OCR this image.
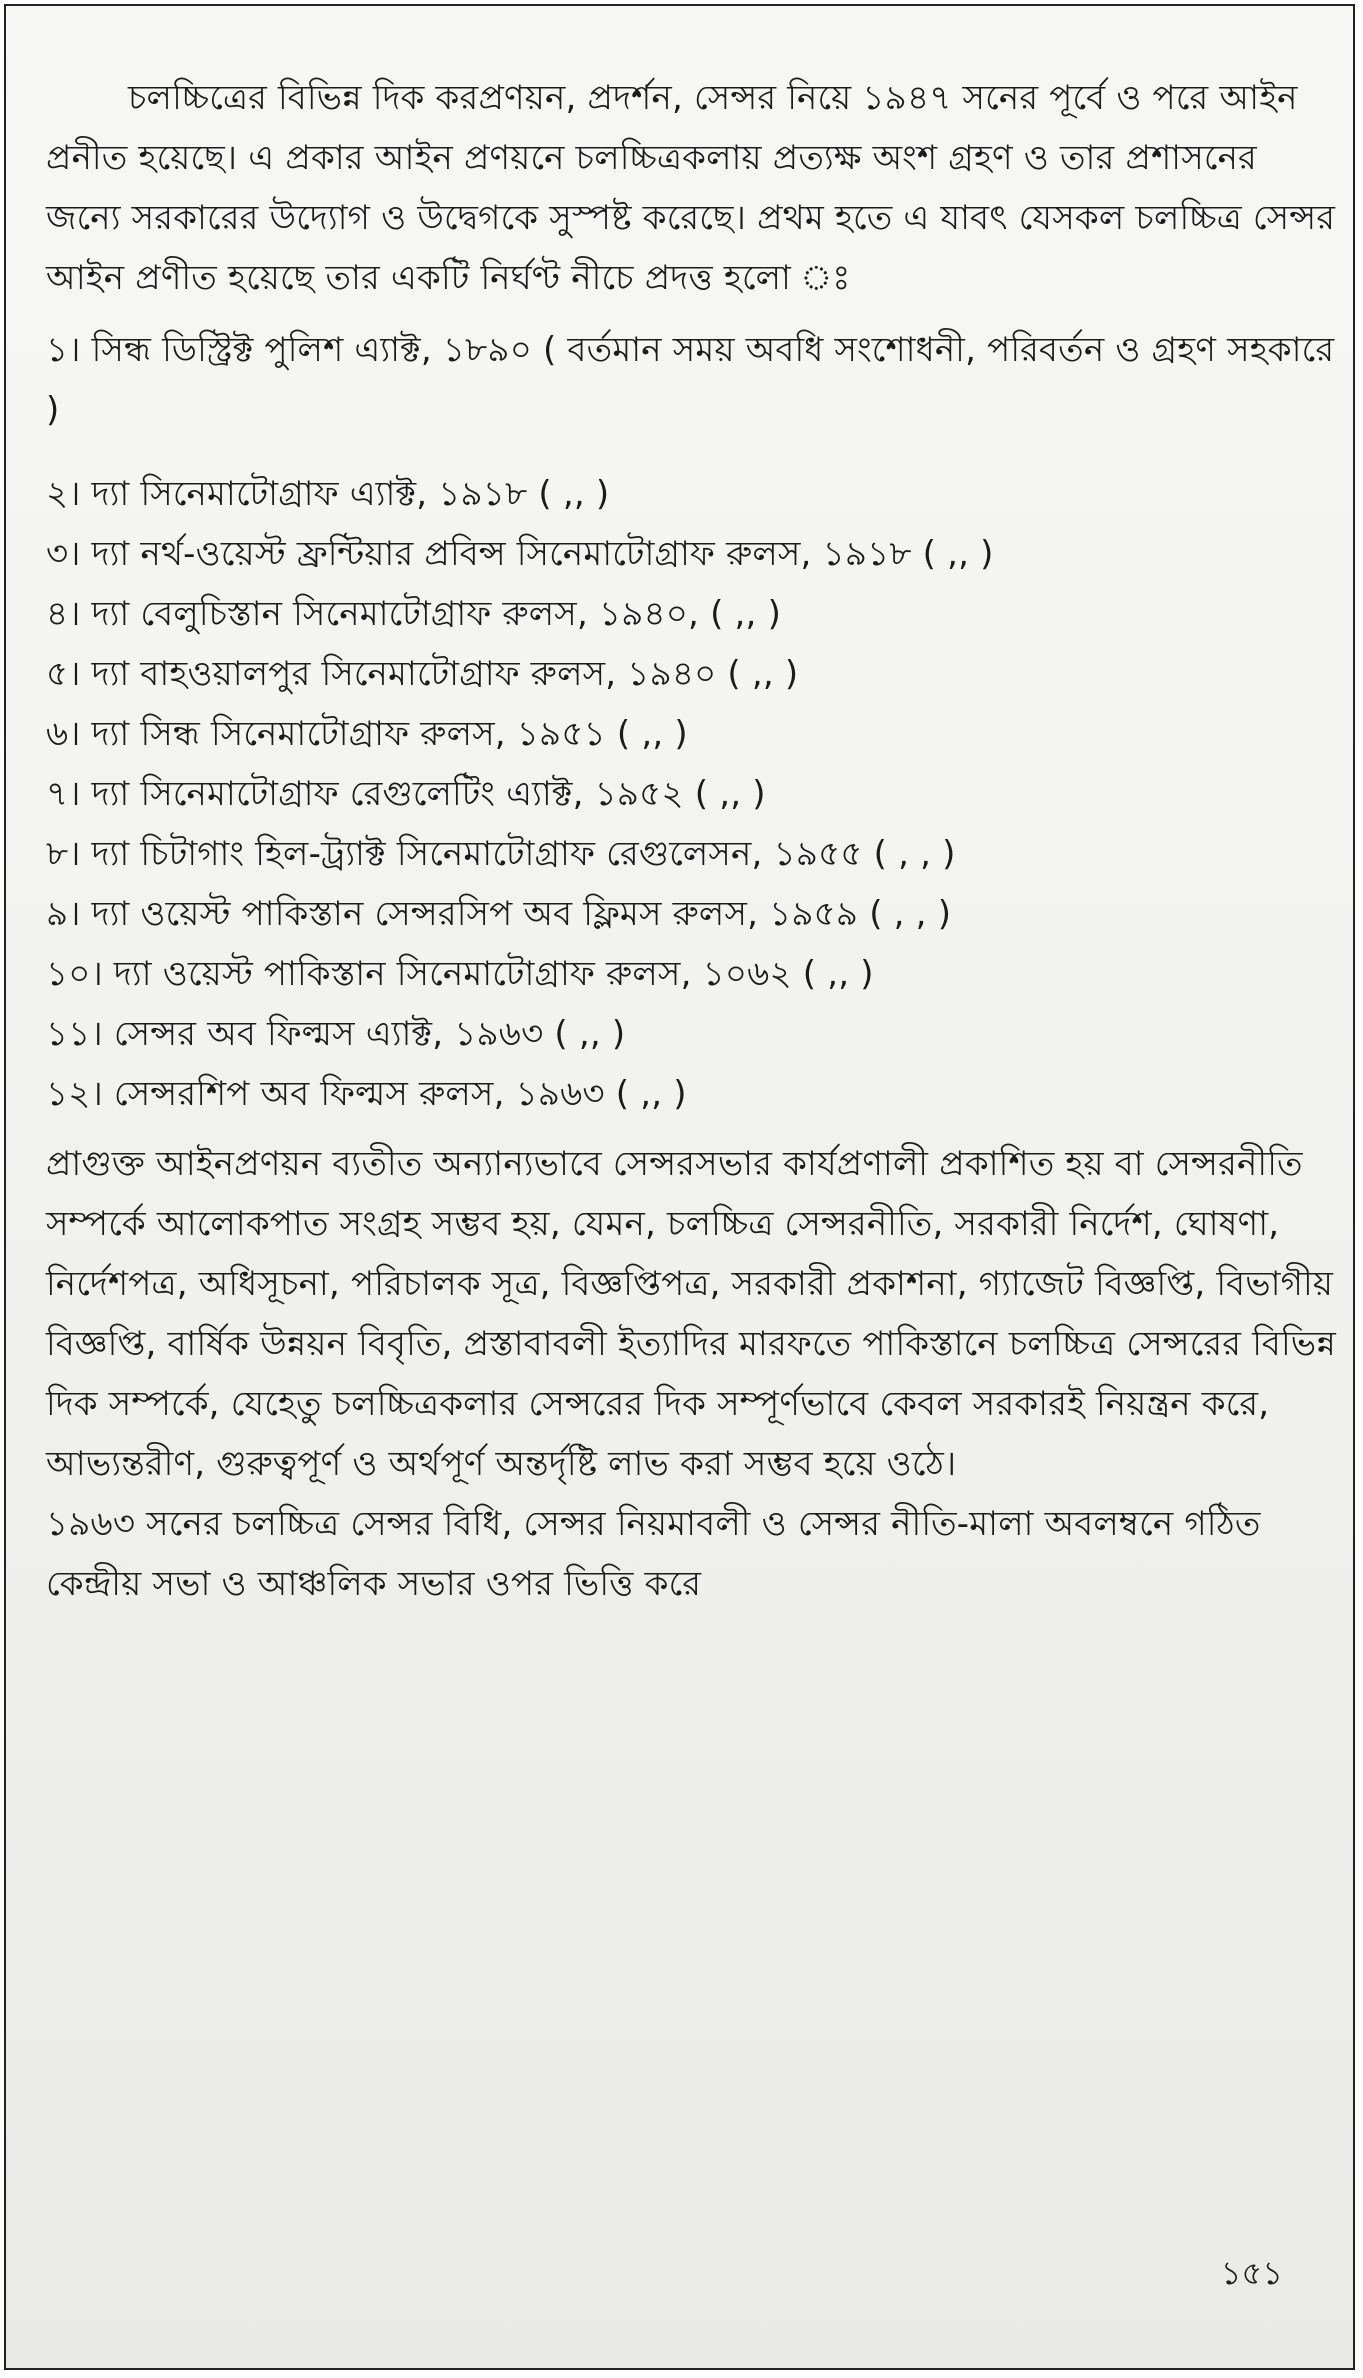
চলচ্চিত্রের বিভিন্ন দিক করপ্রণয়ন, প্রদর্শন, সেন্সর নিয়ে ১৯৪৭ সনের পূর্বে ও পরে আইন প্রনীত হয়েছে। এ প্রকার আইন প্রণয়নে চলচ্চিত্রকলায় প্রত্যক্ষ অংশ গ্রহণ ও তার প্রশাসনের জন্যে সরকারের উদ্যোগ ও উদ্বেগকে সুস্পষ্ট করেছে। প্রথম হতে এ যাবৎ যেসকল চলচ্চিত্র সেন্সর আইন প্রণীত হয়েছে তার একটি নির্ঘণ্ট নীচে প্রদত্ত হলো ঃ

১। সিন্ধ ডিস্ট্রিক্ট পুলিশ এ্যাক্ট, ১৮৯০ ( বর্তমান সময় অবধি সংশোধনী, পরিবর্তন ও গ্রহণ সহকারে )
২। দ্যা সিনেমাটোগ্রাফ এ্যাক্ট, ১৯১৮ ( ,, )
৩। দ্যা নর্থ-ওয়েস্ট ফ্রন্টিয়ার প্রবিন্স সিনেমাটোগ্রাফ রুলস, ১৯১৮ ( ,, )
৪। দ্যা বেলুচিস্তান সিনেমাটোগ্রাফ রুলস, ১৯৪০, ( ,, )
৫। দ্যা বাহওয়ালপুর সিনেমাটোগ্রাফ রুলস, ১৯৪০ ( ,, )
৬। দ্যা সিন্ধ সিনেমাটোগ্রাফ রুলস, ১৯৫১ ( ,, )
৭। দ্যা সিনেমাটোগ্রাফ রেগুলেটিং এ্যাক্ট, ১৯৫২ ( ,, )
৮। দ্যা চিটাগাং হিল-ট্র্যাক্ট সিনেমাটোগ্রাফ রেগুলেসন, ১৯৫৫ ( , , )
৯। দ্যা ওয়েস্ট পাকিস্তান সেন্সরসিপ অব ফ্লিমস রুলস, ১৯৫৯ ( , , )
১০। দ্যা ওয়েস্ট পাকিস্তান সিনেমাটোগ্রাফ রুলস, ১০৬২ ( ,, )
১১। সেন্সর অব ফিল্মস এ্যাক্ট, ১৯৬৩ ( ,, )
১২। সেন্সরশিপ অব ফিল্মস রুলস, ১৯৬৩ ( ,, )

প্রাগুক্ত আইনপ্রণয়ন ব্যতীত অন্যান্যভাবে সেন্সরসভার কার্যপ্রণালী প্রকাশিত হয় বা সেন্সরনীতি সম্পর্কে আলোকপাত সংগ্রহ সম্ভব হয়, যেমন, চলচ্চিত্র সেন্সরনীতি, সরকারী নির্দেশ, ঘোষণা, নির্দেশপত্র, অধিসূচনা, পরিচালক সূত্র, বিজ্ঞপ্তিপত্র, সরকারী প্রকাশনা, গ্যাজেট বিজ্ঞপ্তি, বিভাগীয় বিজ্ঞপ্তি, বার্ষিক উন্নয়ন বিবৃতি, প্রস্তাবাবলী ইত্যাদির মারফতে পাকিস্তানে চলচ্চিত্র সেন্সরের বিভিন্ন দিক সম্পর্কে, যেহেতু চলচ্চিত্রকলার সেন্সরের দিক সম্পূর্ণভাবে কেবল সরকারই নিয়ন্ত্রন করে, আভ্যন্তরীণ, গুরুত্বপূর্ণ ও অর্থপূর্ণ অন্তর্দৃষ্টি লাভ করা সম্ভব হয়ে ওঠে।

১৯৬৩ সনের চলচ্চিত্র সেন্সর বিধি, সেন্সর নিয়মাবলী ও সেন্সর নীতি-মালা অবলম্বনে গঠিত কেন্দ্রীয় সভা ও আঞ্চলিক সভার ওপর ভিত্তি করে

১৫১
